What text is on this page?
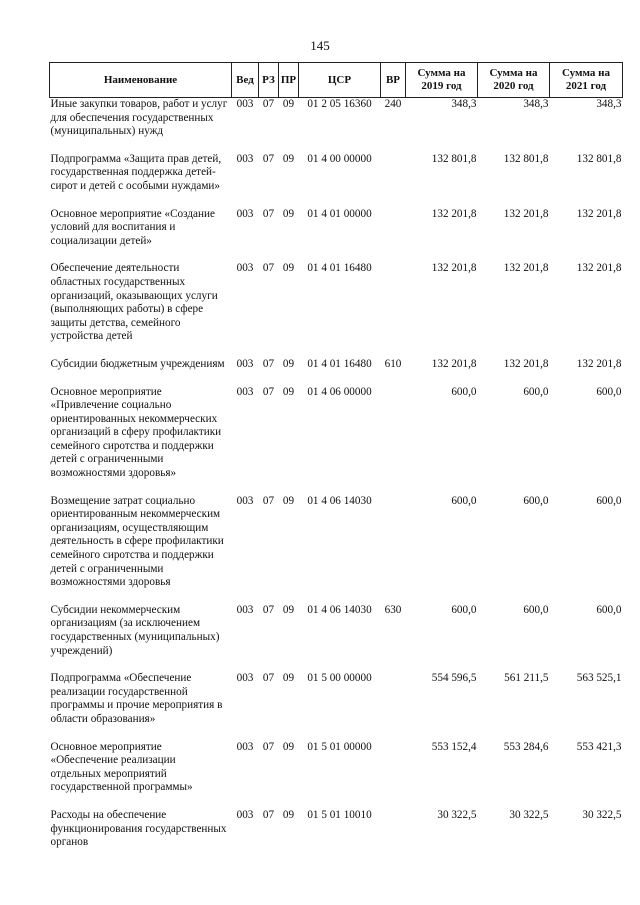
145
Наименование	Вед	РЗ	ПР	ЦСР	ВР	Сумма на 2019 год	Сумма на 2020 год	Сумма на 2021 год
Иные закупки товаров, работ и услуг для обеспечения государственных (муниципальных) нужд	003	07	09	01 2 05 16360	240	348,3	348,3	348,3
Подпрограмма «Защита прав детей, государственная поддержка детей-сирот и детей с особыми нуждами»	003	07	09	01 4 00 00000		132 801,8	132 801,8	132 801,8
Основное мероприятие «Создание условий для воспитания и социализации детей»	003	07	09	01 4 01 00000		132 201,8	132 201,8	132 201,8
Обеспечение деятельности областных государственных организаций, оказывающих услуги (выполняющих работы) в сфере защиты детства, семейного устройства детей	003	07	09	01 4 01 16480		132 201,8	132 201,8	132 201,8
Субсидии бюджетным учреждениям	003	07	09	01 4 01 16480	610	132 201,8	132 201,8	132 201,8
Основное мероприятие «Привлечение социально ориентированных некоммерческих организаций в сферу профилактики семейного сиротства и поддержки детей с ограниченными возможностями здоровья»	003	07	09	01 4 06 00000		600,0	600,0	600,0
Возмещение затрат социально ориентированным некоммерческим организациям, осуществляющим деятельность в сфере профилактики семейного сиротства и поддержки детей с ограниченными возможностями здоровья	003	07	09	01 4 06 14030		600,0	600,0	600,0
Субсидии некоммерческим организациям (за исключением государственных (муниципальных) учреждений)	003	07	09	01 4 06 14030	630	600,0	600,0	600,0
Подпрограмма «Обеспечение реализации государственной программы и прочие мероприятия в области образования»	003	07	09	01 5 00 00000		554 596,5	561 211,5	563 525,1
Основное мероприятие «Обеспечение реализации отдельных мероприятий государственной программы»	003	07	09	01 5 01 00000		553 152,4	553 284,6	553 421,3
Расходы на обеспечение функционирования государственных органов	003	07	09	01 5 01 10010		30 322,5	30 322,5	30 322,5
